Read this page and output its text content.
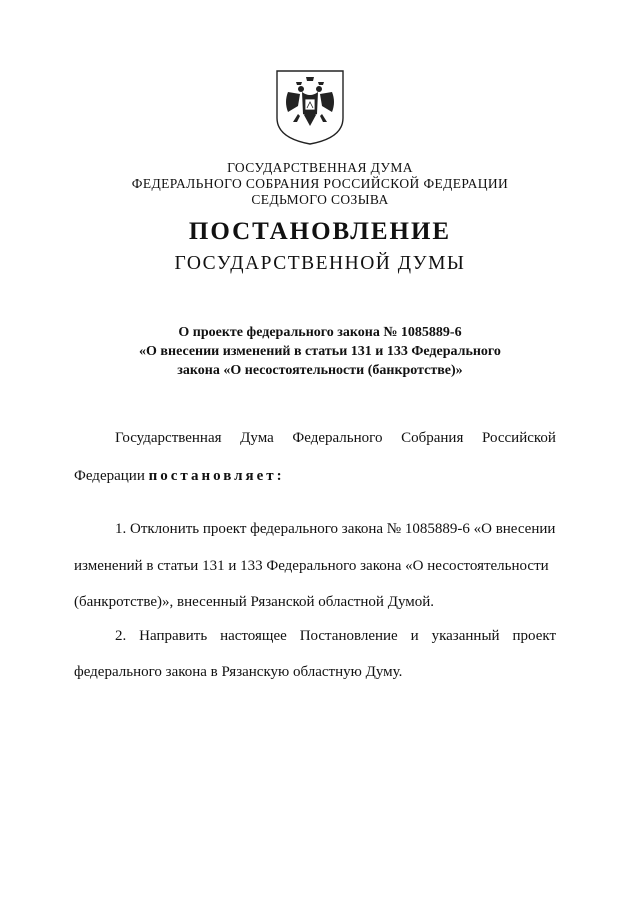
ГОСУДАРСТВЕННАЯ ДУМА
ФЕДЕРАЛЬНОГО СОБРАНИЯ РОССИЙСКОЙ ФЕДЕРАЦИИ
СЕДЬМОГО СОЗЫВА
ПОСТАНОВЛЕНИЕ
ГОСУДАРСТВЕННОЙ ДУМЫ
О проекте федерального закона № 1085889-6
«О внесении изменений в статьи 131 и 133 Федерального
закона «О несостоятельности (банкротстве)»
Государственная Дума Федерального Собрания Российской
Федерации постановляет:
1. Отклонить проект федерального закона № 1085889-6 «О внесении
изменений в статьи 131 и 133 Федерального закона «О несостоятельности
(банкротстве)», внесенный Рязанской областной Думой.
2. Направить настоящее Постановление и указанный проект
федерального закона в Рязанскую областную Думу.
